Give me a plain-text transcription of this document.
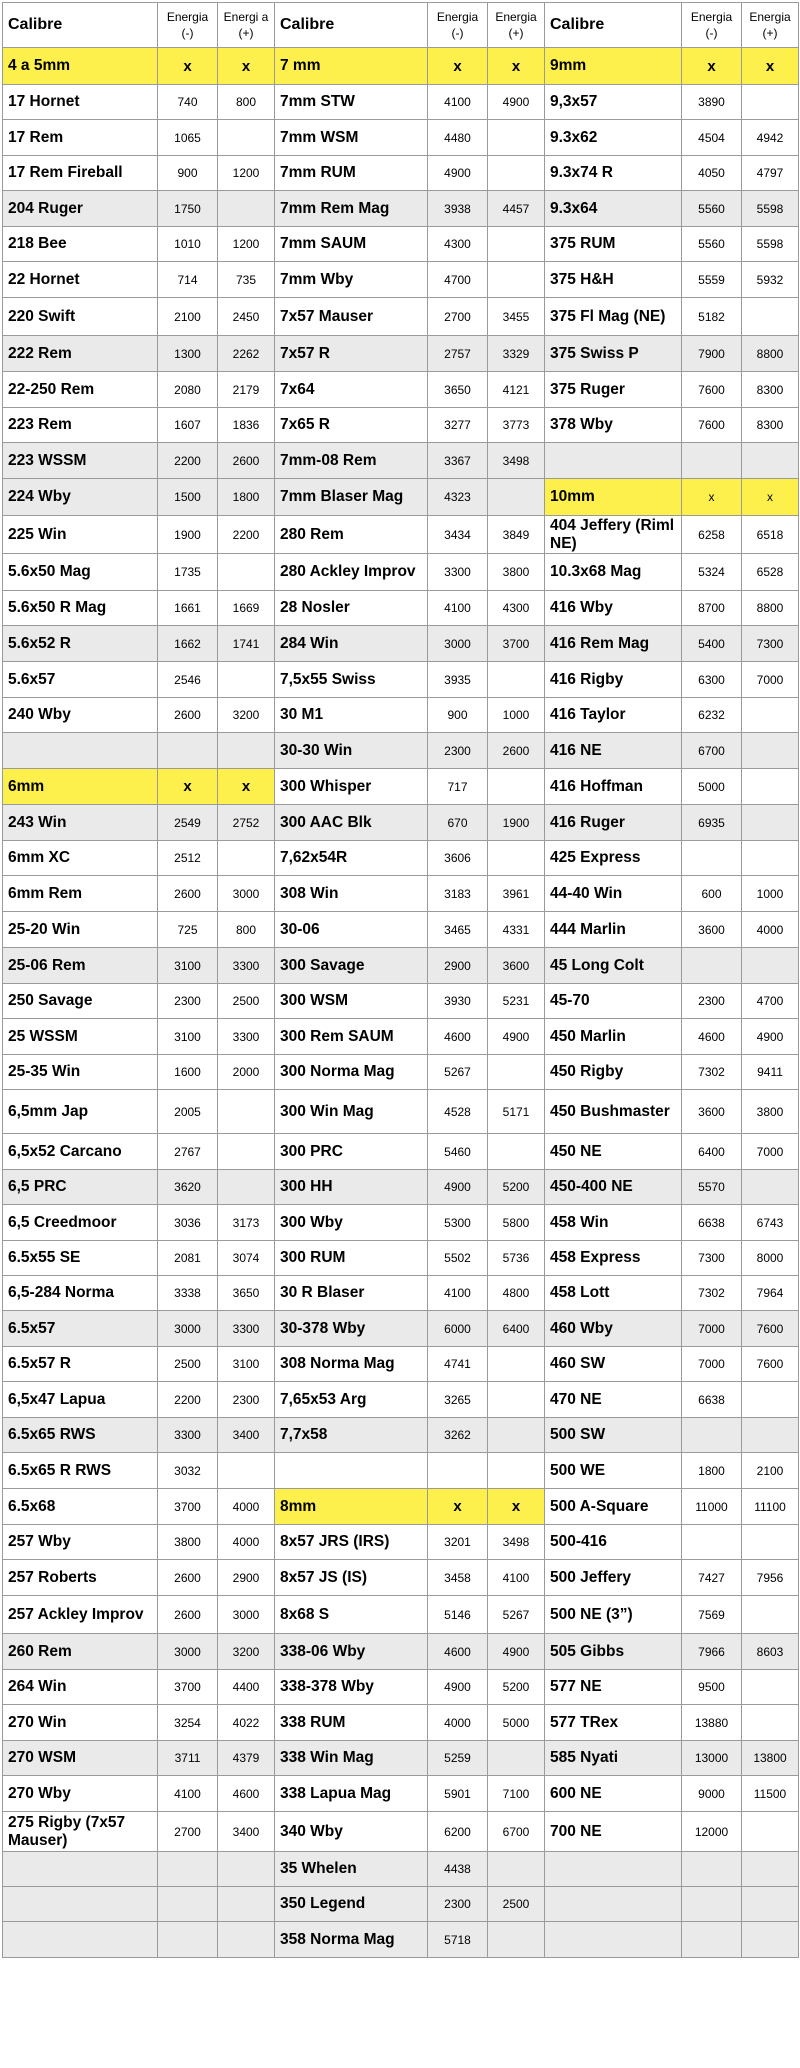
Calibre	Energia (-)	Energi a (+)	Calibre	Energia (-)	Energia (+)	Calibre	Energia (-)	Energia (+)
4 a 5mm	x	x	7 mm	x	x	9mm	x	x
17 Hornet	740	800	7mm STW	4100	4900	9,3x57	3890	
17 Rem	1065		7mm WSM	4480		9.3x62	4504	4942
17 Rem Fireball	900	1200	7mm RUM	4900		9.3x74 R	4050	4797
204 Ruger	1750		7mm Rem Mag	3938	4457	9.3x64	5560	5598
218 Bee	1010	1200	7mm SAUM	4300		375 RUM	5560	5598
22 Hornet	714	735	7mm Wby	4700		375 H&H	5559	5932
220 Swift	2100	2450	7x57 Mauser	2700	3455	375 Fl Mag (NE)	5182	
222 Rem	1300	2262	7x57 R	2757	3329	375 Swiss P	7900	8800
22-250 Rem	2080	2179	7x64	3650	4121	375 Ruger	7600	8300
223 Rem	1607	1836	7x65 R	3277	3773	378 Wby	7600	8300
223 WSSM	2200	2600	7mm-08 Rem	3367	3498			
224 Wby	1500	1800	7mm Blaser Mag	4323		10mm	x	x
225 Win	1900	2200	280 Rem	3434	3849	404 Jeffery (Riml NE)	6258	6518
5.6x50 Mag	1735		280 Ackley Improv	3300	3800	10.3x68 Mag	5324	6528
5.6x50 R Mag	1661	1669	28 Nosler	4100	4300	416 Wby	8700	8800
5.6x52 R	1662	1741	284 Win	3000	3700	416 Rem Mag	5400	7300
5.6x57	2546		7,5x55 Swiss	3935		416 Rigby	6300	7000
240 Wby	2600	3200	30 M1	900	1000	416 Taylor	6232	
			30-30 Win	2300	2600	416 NE	6700	
6mm	x	x	300 Whisper	717		416 Hoffman	5000	
243 Win	2549	2752	300 AAC Blk	670	1900	416 Ruger	6935	
6mm XC	2512		7,62x54R	3606		425 Express		
6mm Rem	2600	3000	308 Win	3183	3961	44-40 Win	600	1000
25-20 Win	725	800	30-06	3465	4331	444 Marlin	3600	4000
25-06 Rem	3100	3300	300 Savage	2900	3600	45 Long Colt		
250 Savage	2300	2500	300 WSM	3930	5231	45-70	2300	4700
25 WSSM	3100	3300	300 Rem SAUM	4600	4900	450 Marlin	4600	4900
25-35 Win	1600	2000	300 Norma Mag	5267		450 Rigby	7302	9411
6,5mm Jap	2005		300 Win Mag	4528	5171	450 Bushmaster	3600	3800
6,5x52 Carcano	2767		300 PRC	5460		450 NE	6400	7000
6,5 PRC	3620		300 HH	4900	5200	450-400 NE	5570	
6,5 Creedmoor	3036	3173	300 Wby	5300	5800	458 Win	6638	6743
6.5x55 SE	2081	3074	300 RUM	5502	5736	458 Express	7300	8000
6,5-284 Norma	3338	3650	30 R Blaser	4100	4800	458 Lott	7302	7964
6.5x57	3000	3300	30-378 Wby	6000	6400	460 Wby	7000	7600
6.5x57 R	2500	3100	308 Norma Mag	4741		460 SW	7000	7600
6,5x47 Lapua	2200	2300	7,65x53 Arg	3265		470 NE	6638	
6.5x65 RWS	3300	3400	7,7x58	3262		500 SW		
6.5x65 R RWS	3032					500 WE	1800	2100
6.5x68	3700	4000	8mm	x	x	500 A-Square	11000	11100
257 Wby	3800	4000	8x57 JRS (IRS)	3201	3498	500-416		
257 Roberts	2600	2900	8x57 JS (IS)	3458	4100	500 Jeffery	7427	7956
257 Ackley Improv	2600	3000	8x68 S	5146	5267	500 NE (3”)	7569	
260 Rem	3000	3200	338-06 Wby	4600	4900	505 Gibbs	7966	8603
264 Win	3700	4400	338-378 Wby	4900	5200	577 NE	9500	
270 Win	3254	4022	338 RUM	4000	5000	577 TRex	13880	
270 WSM	3711	4379	338 Win Mag	5259		585 Nyati	13000	13800
270 Wby	4100	4600	338 Lapua Mag	5901	7100	600 NE	9000	11500
275 Rigby (7x57 Mauser)	2700	3400	340 Wby	6200	6700	700 NE	12000	
			35 Whelen	4438				
			350 Legend	2300	2500			
			358 Norma Mag	5718				
